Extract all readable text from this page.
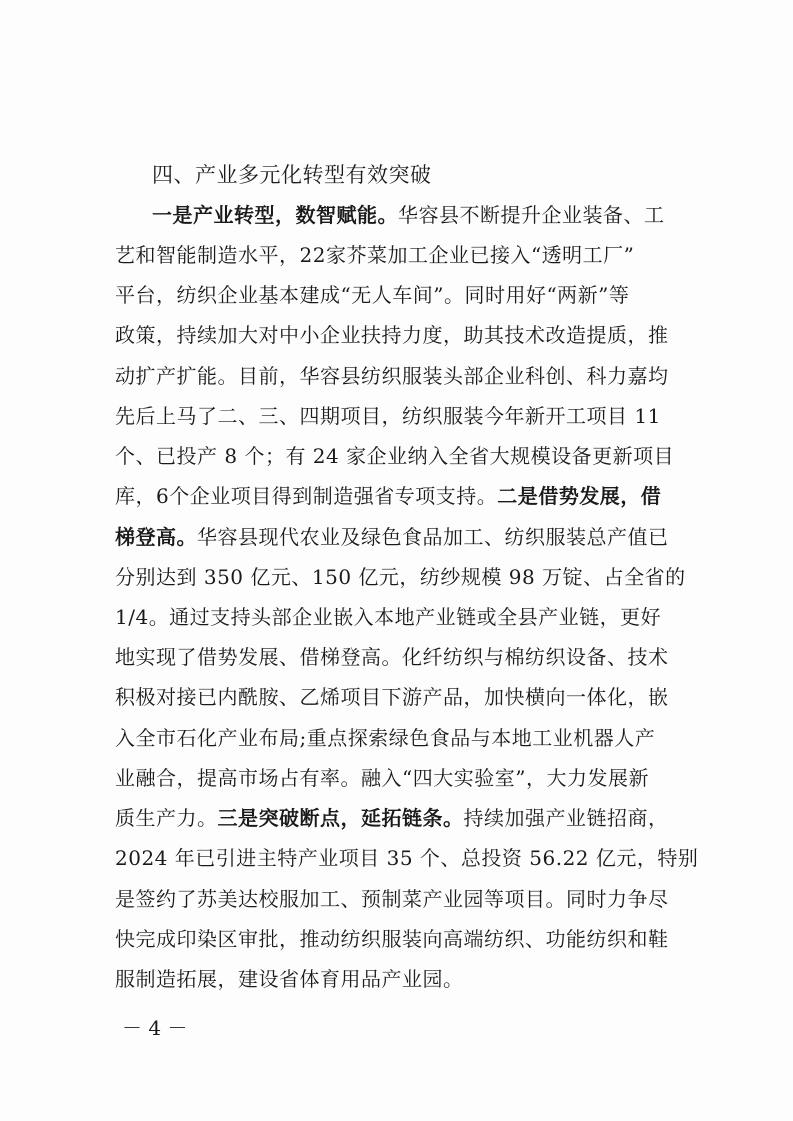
四、产业多元化转型有效突破
一是产业转型，数智赋能。华容县不断提升企业装备、工
艺和智能制造水平，22家芥菜加工企业已接入“透明工厂”
平台，纺织企业基本建成“无人车间”。同时用好“两新”等
政策，持续加大对中小企业扶持力度，助其技术改造提质，推
动扩产扩能。目前，华容县纺织服装头部企业科创、科力嘉均
先后上马了二、三、四期项目，纺织服装今年新开工项目 11
个、已投产 8 个；有 24 家企业纳入全省大规模设备更新项目
库，6个企业项目得到制造强省专项支持。二是借势发展，借
梯登高。华容县现代农业及绿色食品加工、纺织服装总产值已
分别达到 350 亿元、150 亿元，纺纱规模 98 万锭、占全省的
1/4。通过支持头部企业嵌入本地产业链或全县产业链，更好
地实现了借势发展、借梯登高。化纤纺织与棉纺织设备、技术
积极对接已内酰胺、乙烯项目下游产品，加快横向一体化，嵌
入全市石化产业布局;重点探索绿色食品与本地工业机器人产
业融合，提高市场占有率。融入“四大实验室”，大力发展新
质生产力。三是突破断点，延拓链条。持续加强产业链招商，
2024 年已引进主特产业项目 35 个、总投资 56.22 亿元，特别
是签约了苏美达校服加工、预制菜产业园等项目。同时力争尽
快完成印染区审批，推动纺织服装向高端纺织、功能纺织和鞋
服制造拓展，建设省体育用品产业园。
－ 4 －
